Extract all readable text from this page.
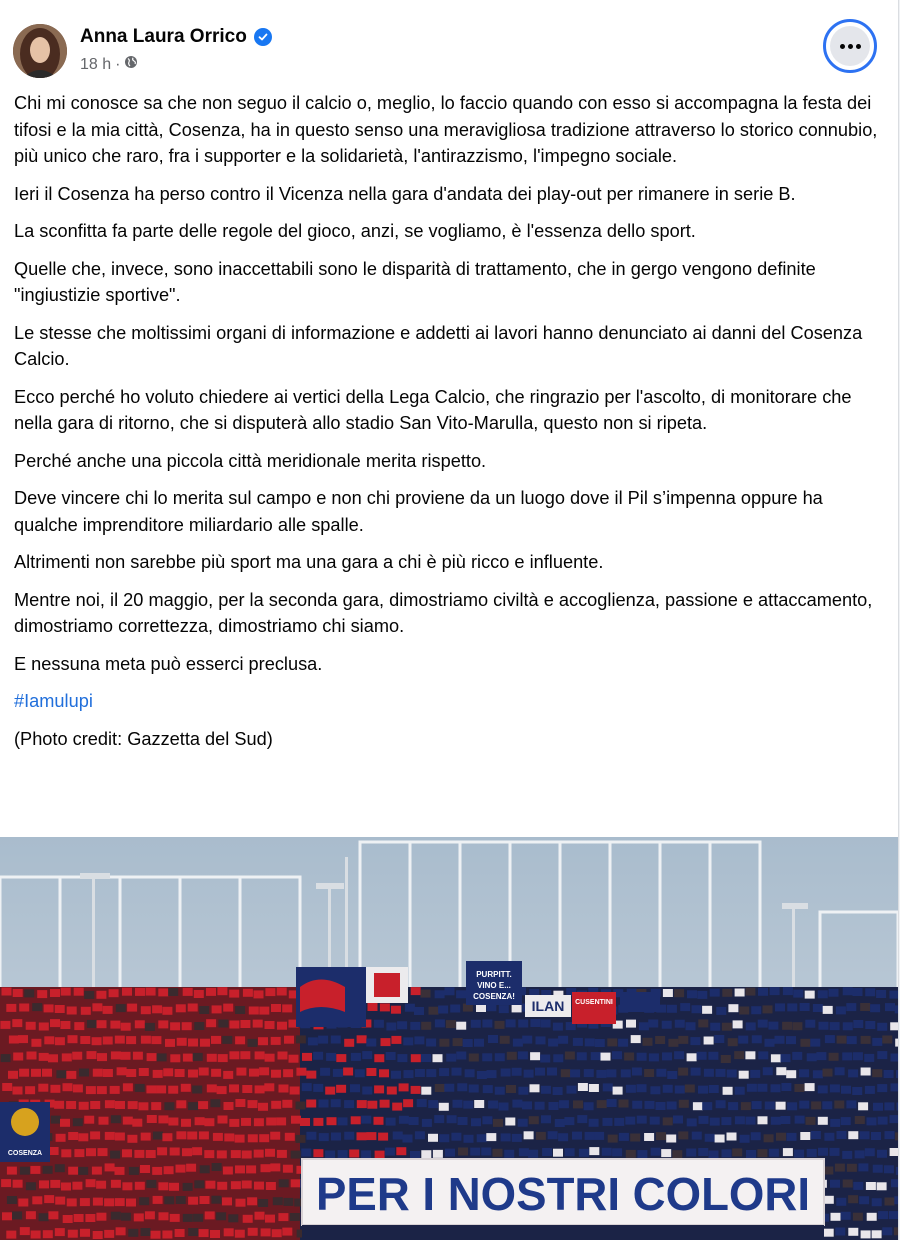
Anna Laura Orrico
18 h ·

Chi mi conosce sa che non seguo il calcio o, meglio, lo faccio quando con esso si accompagna la festa dei tifosi e la mia città, Cosenza, ha in questo senso una meravigliosa tradizione attraverso lo storico connubio, più unico che raro, fra i supporter e la solidarietà, l'antirazzismo, l'impegno sociale.

Ieri il Cosenza ha perso contro il Vicenza nella gara d'andata dei play-out per rimanere in serie B.

La sconfitta fa parte delle regole del gioco, anzi, se vogliamo, è l'essenza dello sport.

Quelle che, invece, sono inaccettabili sono le disparità di trattamento, che in gergo vengono definite "ingiustizie sportive".

Le stesse che moltissimi organi di informazione e addetti ai lavori hanno denunciato ai danni del Cosenza Calcio.

Ecco perché ho voluto chiedere ai vertici della Lega Calcio, che ringrazio per l'ascolto, di monitorare che nella gara di ritorno, che si disputerà allo stadio San Vito-Marulla, questo non si ripeta.

Perché anche una piccola città meridionale merita rispetto.

Deve vincere chi lo merita sul campo e non chi proviene da un luogo dove il Pil s’impenna oppure ha qualche imprenditore miliardario alle spalle.

Altrimenti non sarebbe più sport ma una gara a chi è più ricco e influente.

Mentre noi, il 20 maggio, per la seconda gara, dimostriamo civiltà e accoglienza, passione e attaccamento, dimostriamo correttezza, dimostriamo chi siamo.

E nessuna meta può esserci preclusa.

#Iamulupi

(Photo credit: Gazzetta del Sud)

PURPITT.
VINO E...
COSENZA!
ILAN CUSENTINI
COSENZA
PER I NOSTRI COLORI
